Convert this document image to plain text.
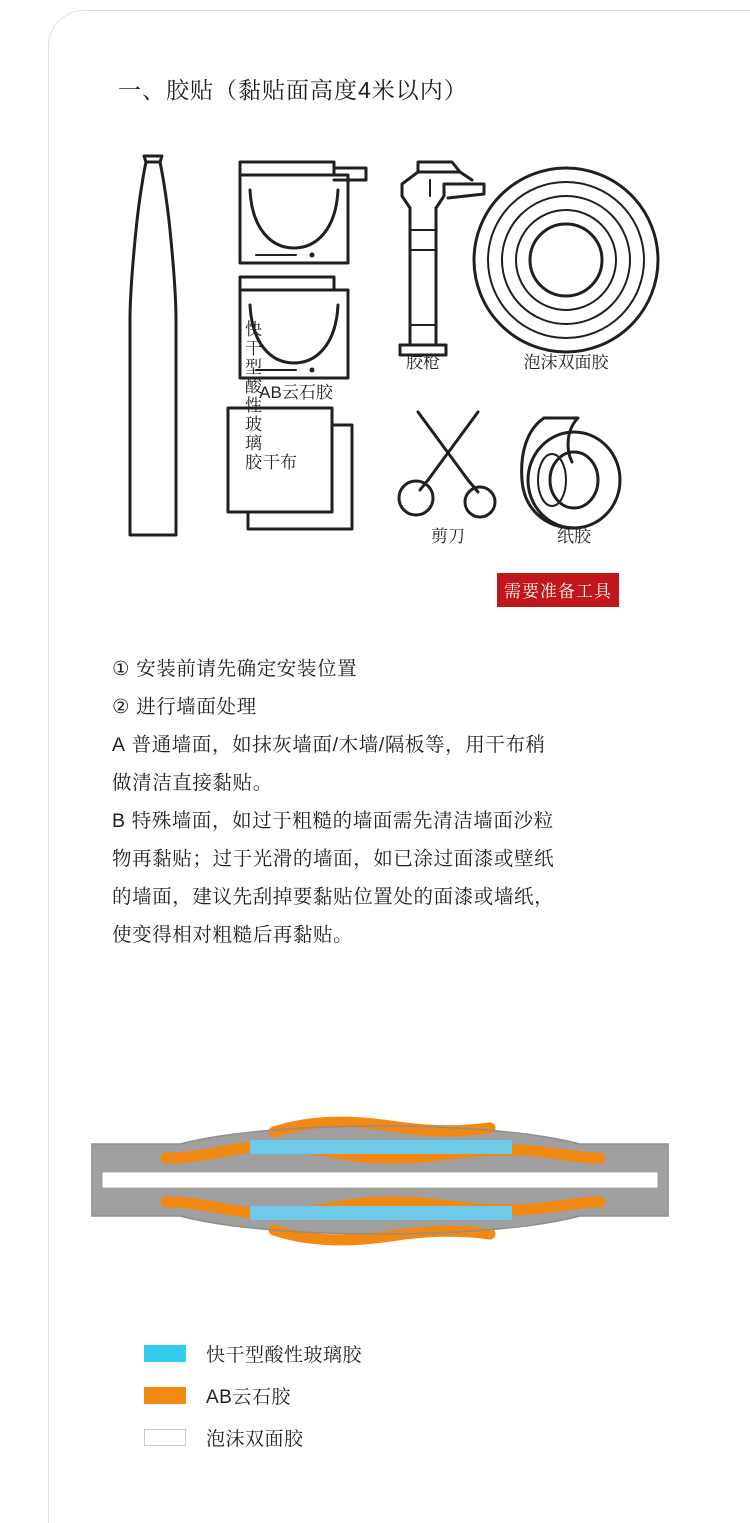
一、胶贴（黏贴面高度4米以内）
快干型酸性玻璃胶
AB云石胶
胶枪	泡沫双面胶
干布
剪刀	纸胶
需要准备工具
① 安装前请先确定安装位置
② 进行墙面处理
A 普通墙面，如抹灰墙面/木墙/隔板等，用干布稍
做清洁直接黏贴。
B 特殊墙面，如过于粗糙的墙面需先清洁墙面沙粒
物再黏贴；过于光滑的墙面，如已涂过面漆或壁纸
的墙面，建议先刮掉要黏贴位置处的面漆或墙纸，
使变得相对粗糙后再黏贴。
快干型酸性玻璃胶
AB云石胶
泡沫双面胶
